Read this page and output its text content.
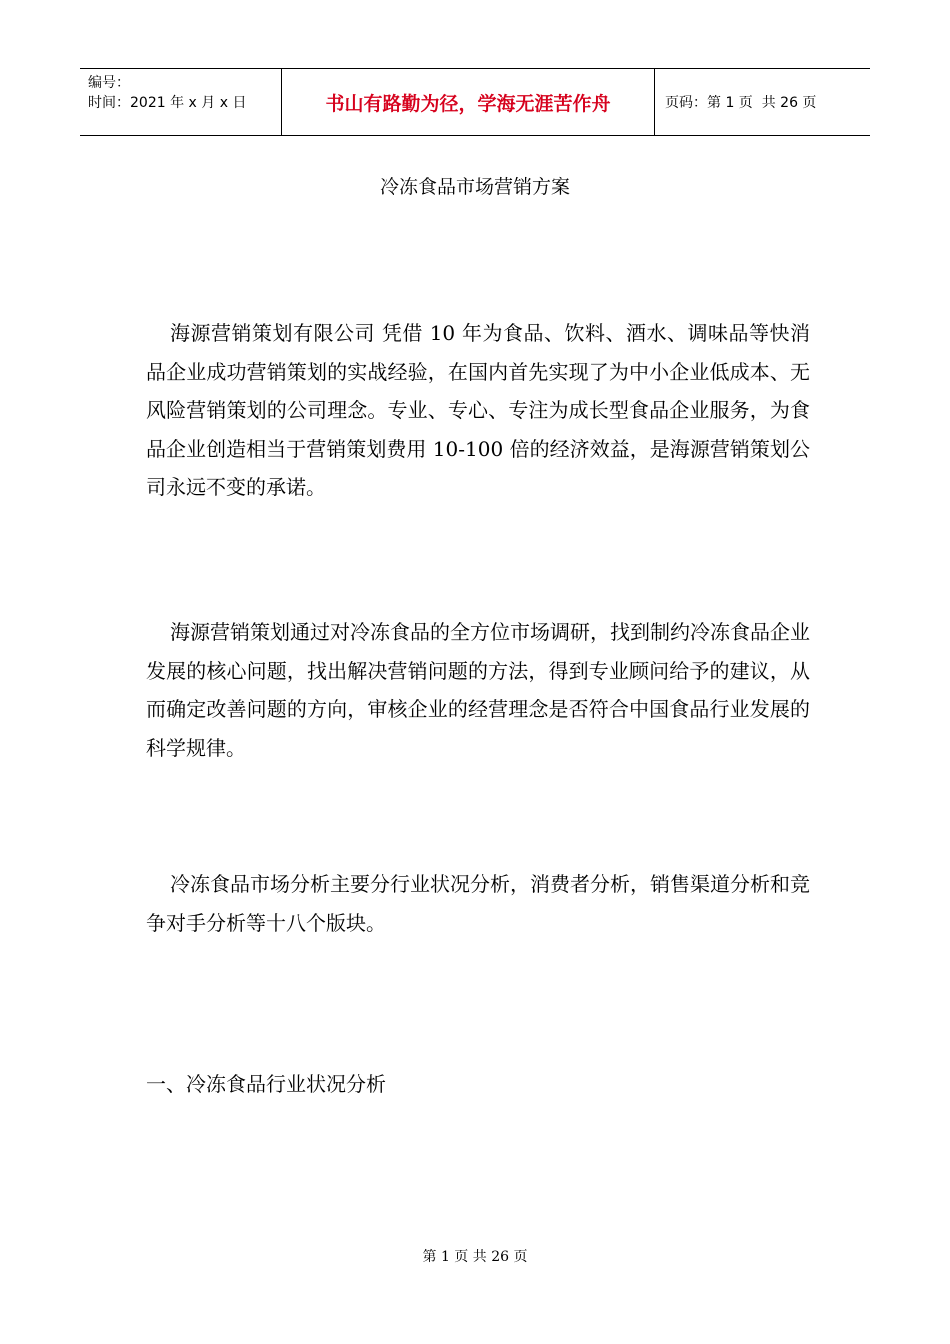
编号：
时间：2021 年 x 月 x 日	书山有路勤为径，学海无涯苦作舟	页码：第 1 页  共 26 页
冷冻食品市场营销方案

海源营销策划有限公司 凭借 10 年为食品、饮料、酒水、调味品等快消品企业成功营销策划的实战经验，在国内首先实现了为中小企业低成本、无风险营销策划的公司理念。专业、专心、专注为成长型食品企业服务，为食品企业创造相当于营销策划费用 10-100 倍的经济效益，是海源营销策划公司永远不变的承诺。

海源营销策划通过对冷冻食品的全方位市场调研，找到制约冷冻食品企业发展的核心问题，找出解决营销问题的方法，得到专业顾问给予的建议，从而确定改善问题的方向，审核企业的经营理念是否符合中国食品行业发展的科学规律。

冷冻食品市场分析主要分行业状况分析，消费者分析，销售渠道分析和竞争对手分析等十八个版块。

一、冷冻食品行业状况分析
第 1 页 共 26 页
